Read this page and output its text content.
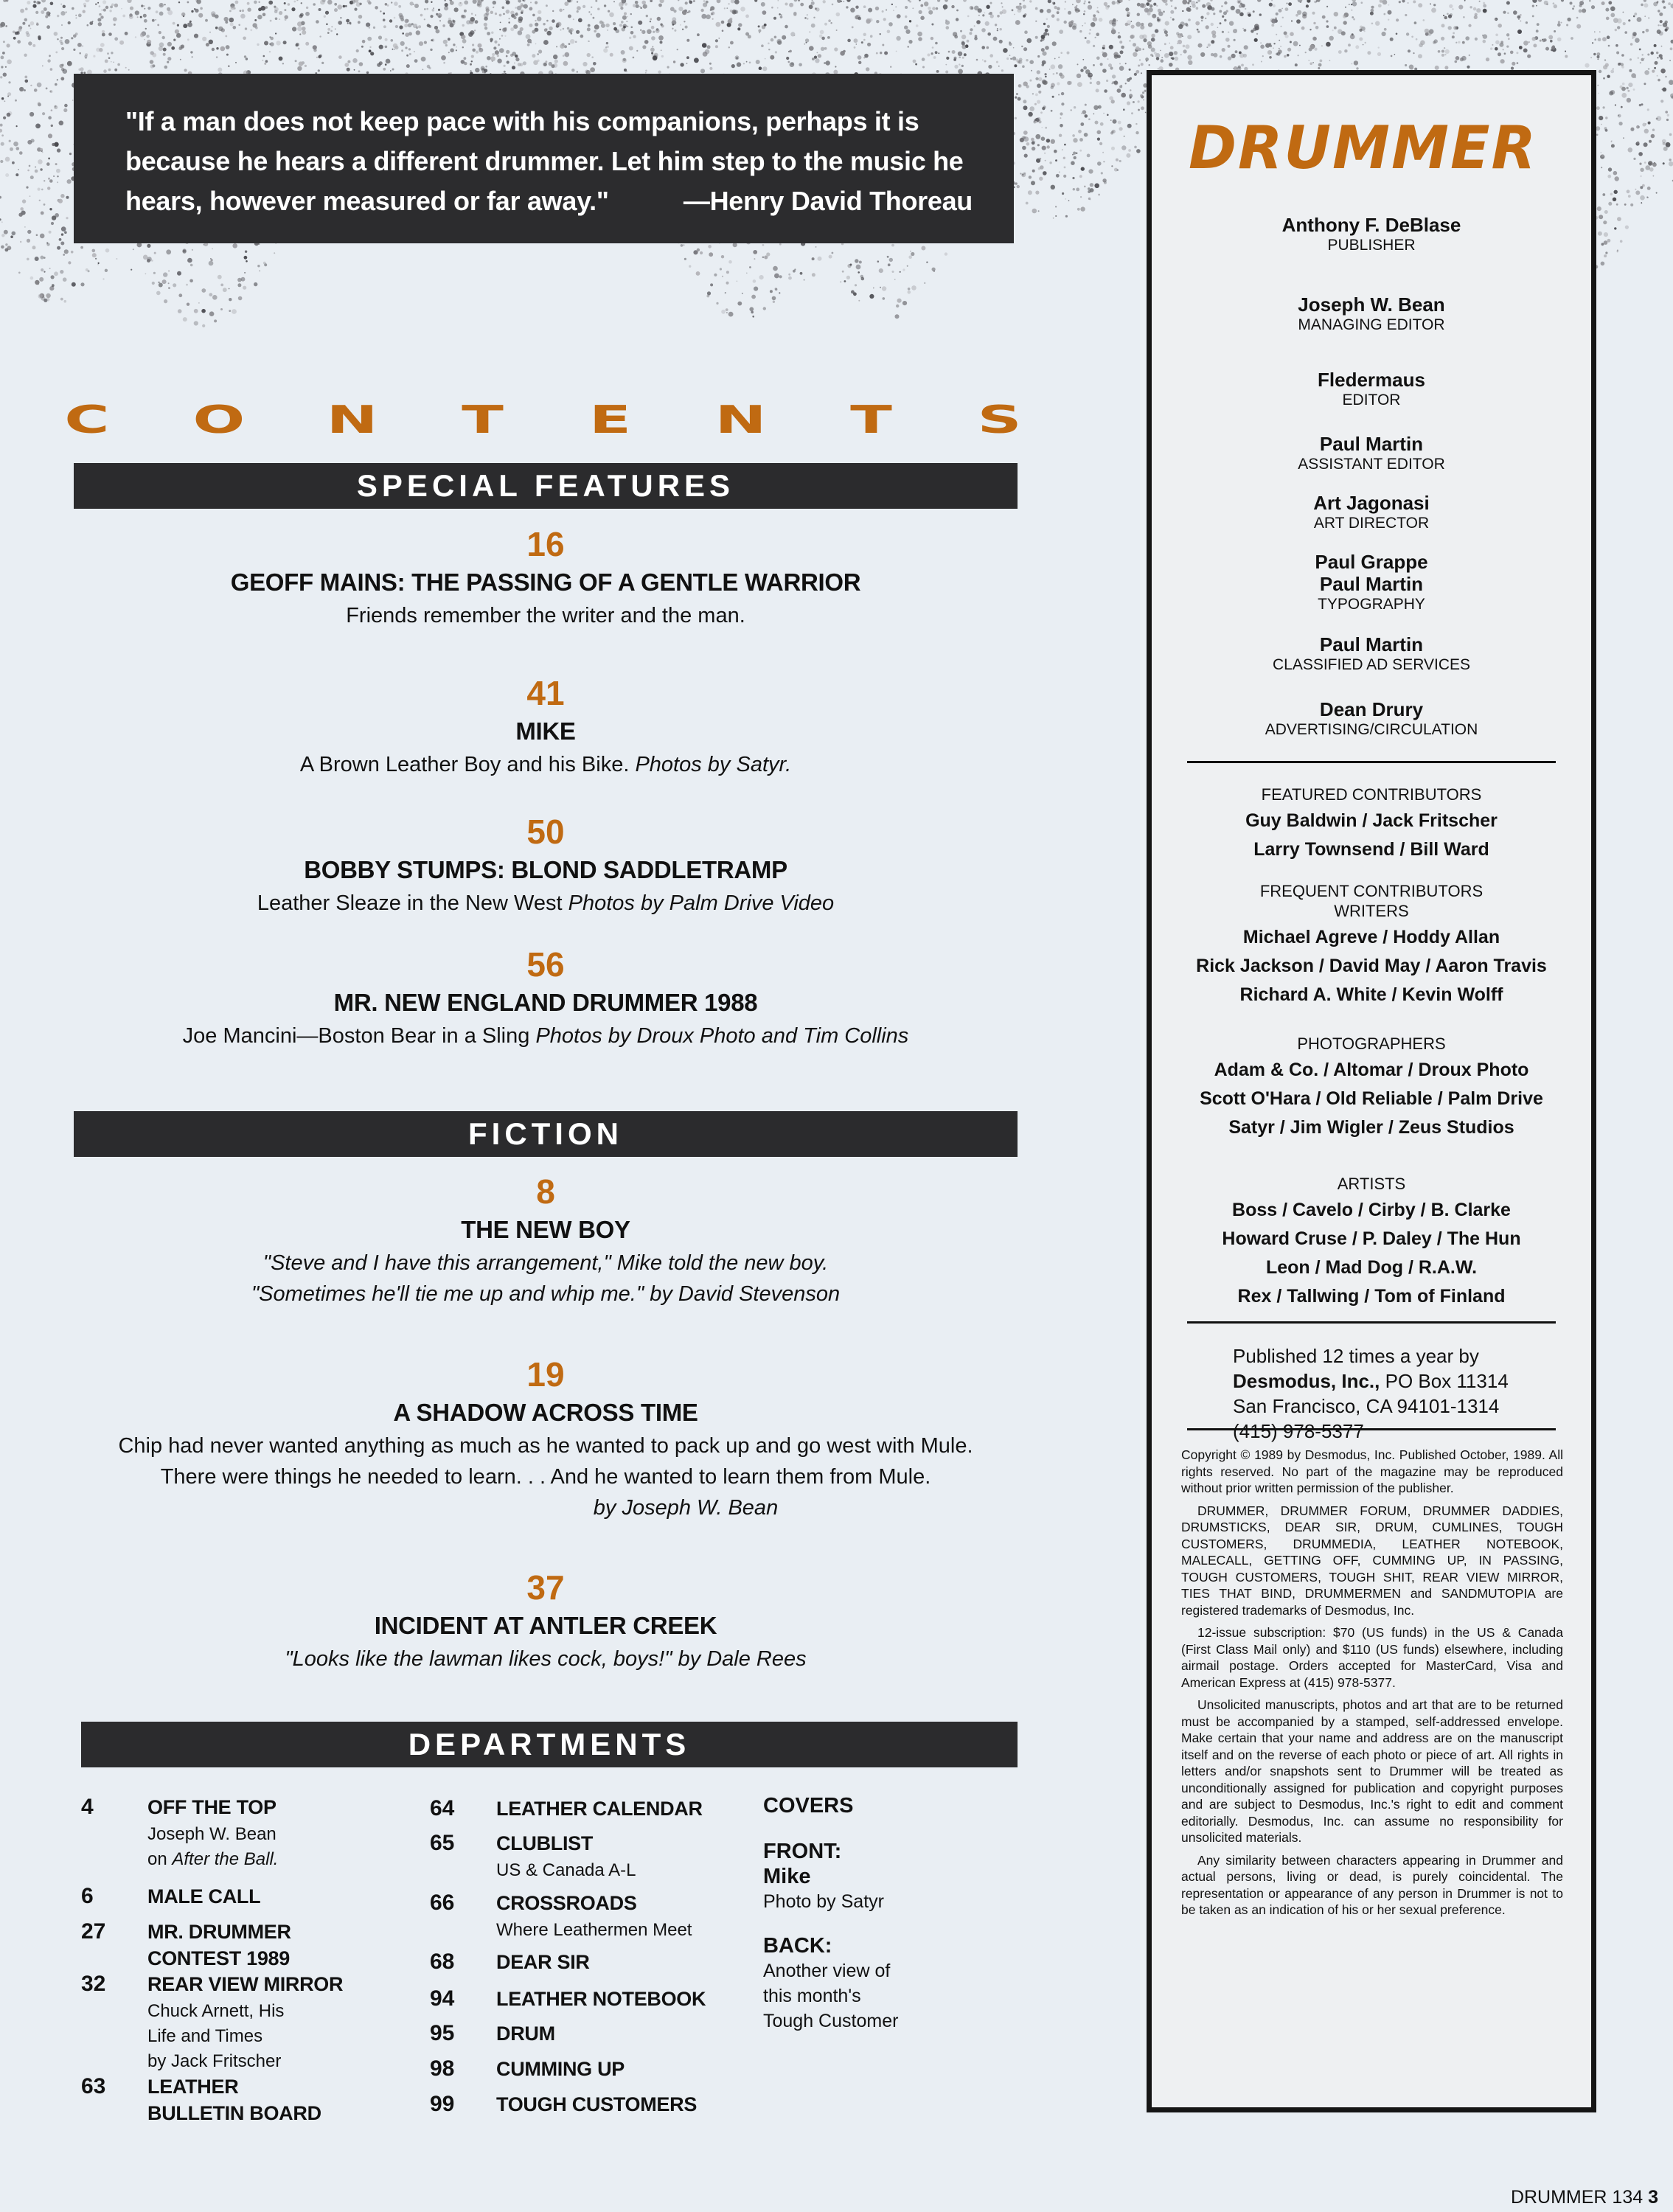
"If a man does not keep pace with his companions, perhaps it is because he hears a different drummer. Let him step to the music he hears, however measured or far away."	—Henry David Thoreau
C O N T E N T S
SPECIAL FEATURES
16
GEOFF MAINS: THE PASSING OF A GENTLE WARRIOR
Friends remember the writer and the man.
41
MIKE
A Brown Leather Boy and his Bike. Photos by Satyr.
50
BOBBY STUMPS: BLOND SADDLETRAMP
Leather Sleaze in the New West Photos by Palm Drive Video
56
MR. NEW ENGLAND DRUMMER 1988
Joe Mancini—Boston Bear in a Sling Photos by Droux Photo and Tim Collins
FICTION
8
THE NEW BOY
"Steve and I have this arrangement," Mike told the new boy.
"Sometimes he'll tie me up and whip me." by David Stevenson
19
A SHADOW ACROSS TIME
Chip had never wanted anything as much as he wanted to pack up and go west with Mule.
There were things he needed to learn. . . And he wanted to learn them from Mule.
by Joseph W. Bean
37
INCIDENT AT ANTLER CREEK
"Looks like the lawman likes cock, boys!" by Dale Rees
DEPARTMENTS
4	OFF THE TOP
Joseph W. Bean
on After the Ball.
6	MALE CALL
27 MR. DRUMMER
CONTEST 1989
32 REAR VIEW MIRROR
Chuck Arnett, His
Life and Times
by Jack Fritscher
63 LEATHER
BULLETIN BOARD
64 LEATHER CALENDAR
65 CLUBLIST
US & Canada A-L
66 CROSSROADS
Where Leathermen Meet
68 DEAR SIR
94 LEATHER NOTEBOOK
95 DRUM
98 CUMMING UP
99 TOUGH CUSTOMERS
COVERS
FRONT:
Mike
Photo by Satyr
BACK:
Another view of
this month's
Tough Customer
DRUMMER
Anthony F. DeBlase
PUBLISHER
Joseph W. Bean
MANAGING EDITOR
Fledermaus
EDITOR
Paul Martin
ASSISTANT EDITOR
Art Jagonasi
ART DIRECTOR
Paul Grappe
Paul Martin
TYPOGRAPHY
Paul Martin
CLASSIFIED AD SERVICES
Dean Drury
ADVERTISING/CIRCULATION
FEATURED CONTRIBUTORS
Guy Baldwin / Jack Fritscher
Larry Townsend / Bill Ward
FREQUENT CONTRIBUTORS
WRITERS
Michael Agreve / Hoddy Allan
Rick Jackson / David May / Aaron Travis
Richard A. White / Kevin Wolff
PHOTOGRAPHERS
Adam & Co. / Altomar / Droux Photo
Scott O'Hara / Old Reliable / Palm Drive
Satyr / Jim Wigler / Zeus Studios
ARTISTS
Boss / Cavelo / Cirby / B. Clarke
Howard Cruse / P. Daley / The Hun
Leon / Mad Dog / R.A.W.
Rex / Tallwing / Tom of Finland
Published 12 times a year by
Desmodus, Inc., PO Box 11314
San Francisco, CA 94101-1314
(415) 978-5377

Copyright © 1989 by Desmodus, Inc. Published October, 1989. All rights reserved. No part of the magazine may be reproduced without prior written permission of the publisher.

DRUMMER, DRUMMER FORUM, DRUMMER DADDIES, DRUMSTICKS, DEAR SIR, DRUM, CUMLINES, TOUGH CUSTOMERS, DRUMMEDIA, LEATHER NOTEBOOK, MALECALL, GETTING OFF, CUMMING UP, IN PASSING, TOUGH CUSTOMERS, TOUGH SHIT, REAR VIEW MIRROR, TIES THAT BIND, DRUMMERMEN and SANDMUTOPIA are registered trademarks of Desmodus, Inc.

12-issue subscription: $70 (US funds) in the US & Canada (First Class Mail only) and $110 (US funds) elsewhere, including airmail postage. Orders accepted for MasterCard, Visa and American Express at (415) 978-5377.

Unsolicited manuscripts, photos and art that are to be returned must be accompanied by a stamped, self-addressed envelope. Make certain that your name and address are on the manuscript itself and on the reverse of each photo or piece of art. All rights in letters and/or snapshots sent to Drummer will be treated as unconditionally assigned for publication and copyright purposes and are subject to Desmodus, Inc.'s right to edit and comment editorially. Desmodus, Inc. can assume no responsibility for unsolicited materials.

Any similarity between characters appearing in Drummer and actual persons, living or dead, is purely coincidental. The representation or appearance of any person in Drummer is not to be taken as an indication of his or her sexual preference.

DRUMMER 134 3
